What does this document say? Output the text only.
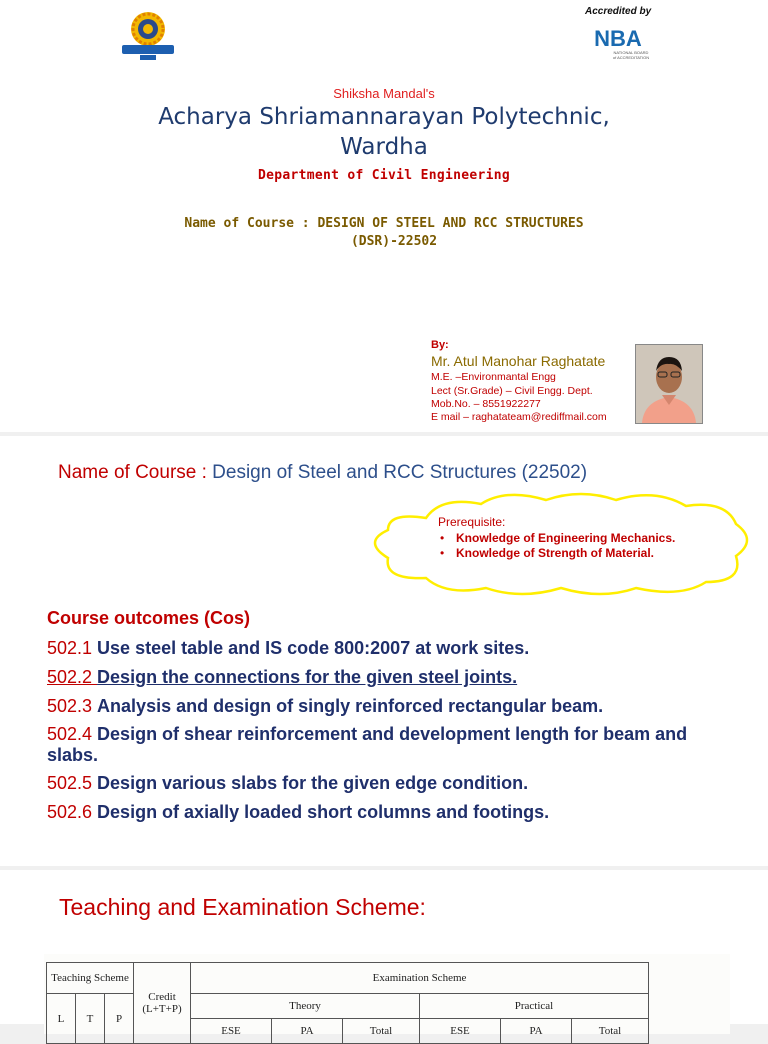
Accredited by
NBA
NATIONAL BOARD
of ACCREDITATION
Shiksha Mandal's
Acharya Shriamannarayan Polytechnic,
Wardha
Department of Civil Engineering
Name of Course : DESIGN OF STEEL AND RCC STRUCTURES
(DSR)-22502
By:
Mr. Atul Manohar Raghatate
M.E. –Environmantal Engg
Lect (Sr.Grade) – Civil Engg. Dept.
Mob.No. – 8551922277
E mail – raghatateam@rediffmail.com
Name of Course : Design of Steel and RCC Structures (22502)
Prerequisite:
• Knowledge of Engineering Mechanics.
• Knowledge of Strength of Material.
Course outcomes (Cos)
502.1 Use steel table and IS code 800:2007 at work sites.
502.2 Design the connections for the given steel joints.
502.3 Analysis and design of singly reinforced rectangular beam.
502.4 Design of shear reinforcement and development length for beam and slabs.
502.5 Design various slabs for the given edge condition.
502.6 Design of axially loaded short columns and footings.
Teaching and Examination Scheme:
Teaching Scheme			Credit (L+T+P)	Examination Scheme					
L	T	P		Theory			Practical		
				ESE	PA	Total	ESE	PA	Total
